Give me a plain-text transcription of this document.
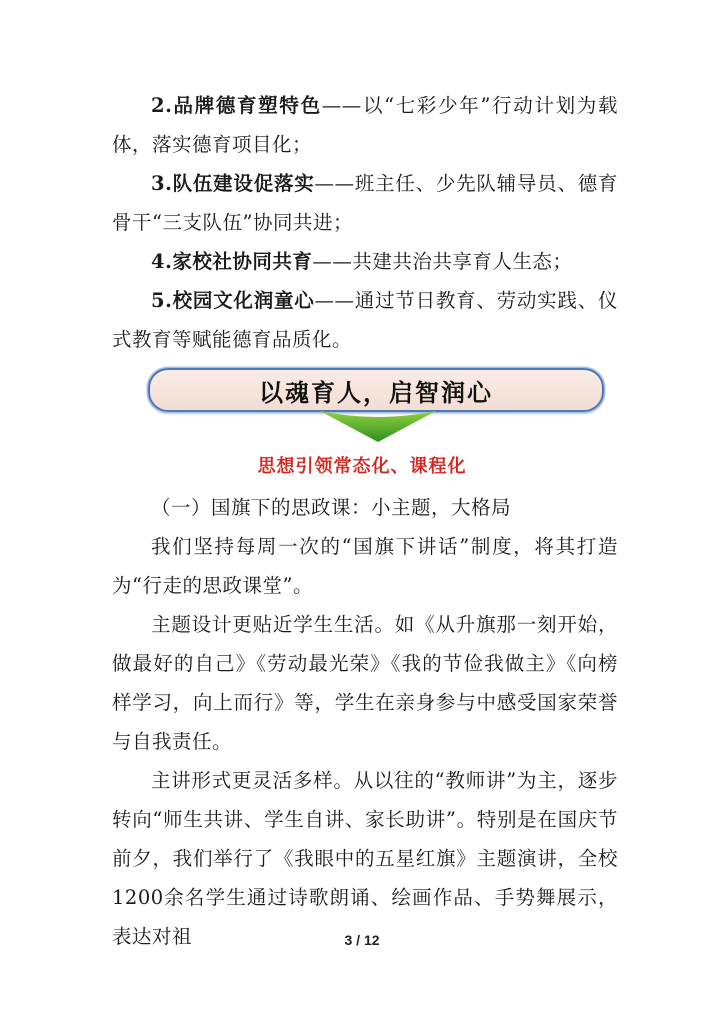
2.品牌德育塑特色——以“七彩少年”行动计划为载体，落实德育项目化；

3.队伍建设促落实——班主任、少先队辅导员、德育骨干“三支队伍”协同共进；

4.家校社协同共育——共建共治共享育人生态；

5.校园文化润童心——通过节日教育、劳动实践、仪式教育等赋能德育品质化。

以魂育人，启智润心
思想引领常态化、课程化

（一）国旗下的思政课：小主题，大格局

我们坚持每周一次的“国旗下讲话”制度，将其打造为“行走的思政课堂”。

主题设计更贴近学生生活。如《从升旗那一刻开始，做最好的自己》《劳动最光荣》《我的节俭我做主》《向榜样学习，向上而行》等，学生在亲身参与中感受国家荣誉与自我责任。

主讲形式更灵活多样。从以往的“教师讲”为主，逐步转向“师生共讲、学生自讲、家长助讲”。特别是在国庆节前夕，我们举行了《我眼中的五星红旗》主题演讲，全校 1200余名学生通过诗歌朗诵、绘画作品、手势舞展示，表达对祖	3 / 12
